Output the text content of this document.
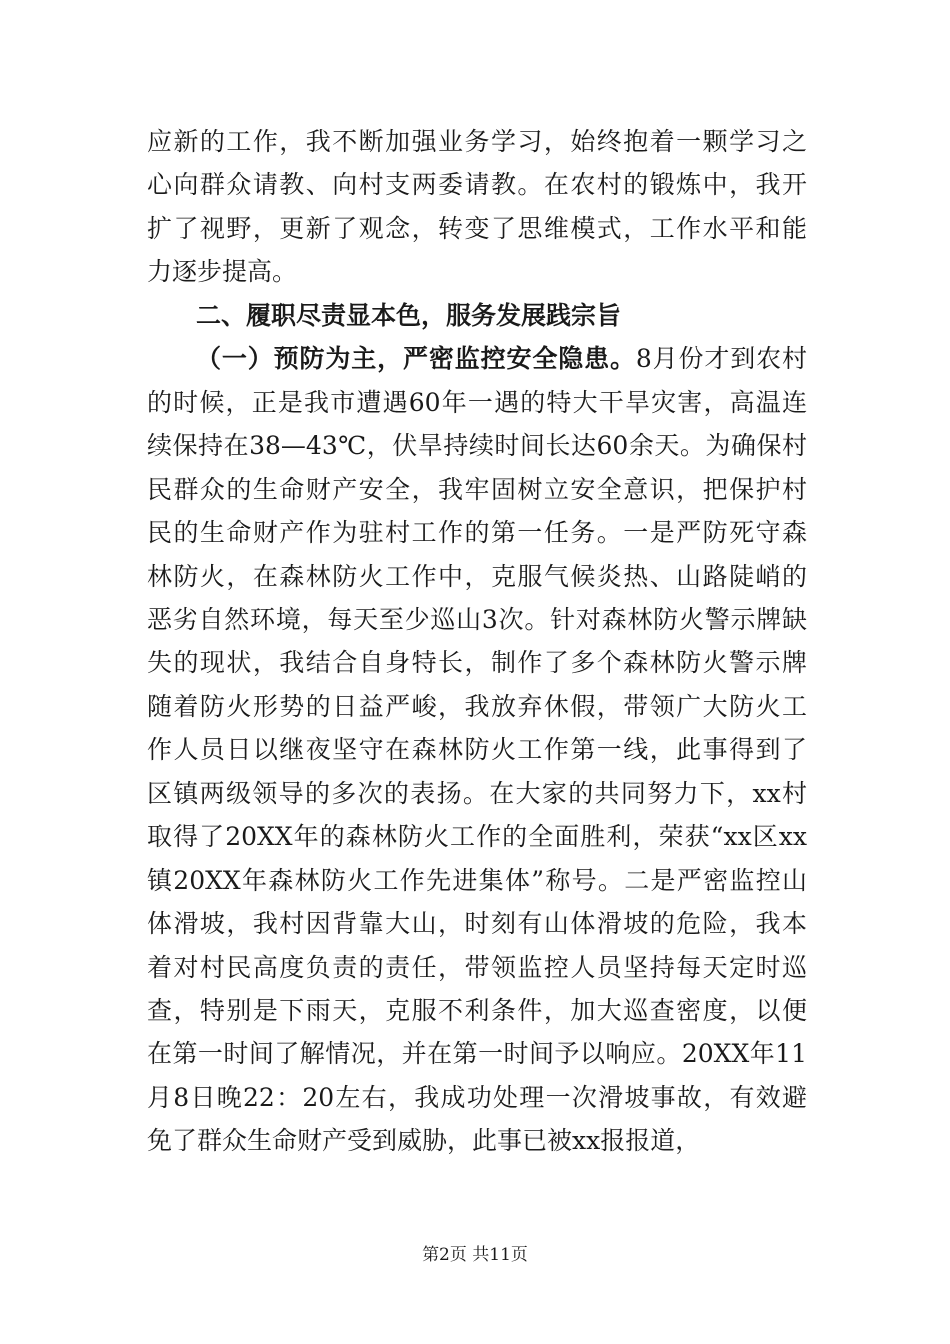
应新的工作，我不断加强业务学习，始终抱着一颗学习之
心向群众请教、向村支两委请教。在农村的锻炼中，我开
扩了视野，更新了观念，转变了思维模式，工作水平和能
力逐步提高。
二、履职尽责显本色，服务发展践宗旨
（一）预防为主，严密监控安全隐患。8月份才到农村
的时候，正是我市遭遇60年一遇的特大干旱灾害，高温连
续保持在38—43℃，伏旱持续时间长达60余天。为确保村
民群众的生命财产安全，我牢固树立安全意识，把保护村
民的生命财产作为驻村工作的第一任务。一是严防死守森
林防火，在森林防火工作中，克服气候炎热、山路陡峭的
恶劣自然环境，每天至少巡山3次。针对森林防火警示牌缺
失的现状，我结合自身特长，制作了多个森林防火警示牌
随着防火形势的日益严峻，我放弃休假，带领广大防火工
作人员日以继夜坚守在森林防火工作第一线，此事得到了
区镇两级领导的多次的表扬。在大家的共同努力下，xx村
取得了20XX年的森林防火工作的全面胜利，荣获“xx区xx
镇20XX年森林防火工作先进集体”称号。二是严密监控山
体滑坡，我村因背靠大山，时刻有山体滑坡的危险，我本
着对村民高度负责的责任，带领监控人员坚持每天定时巡
查，特别是下雨天，克服不利条件，加大巡查密度，以便
在第一时间了解情况，并在第一时间予以响应。20XX年11
月8日晚22：20左右，我成功处理一次滑坡事故，有效避
免了群众生命财产受到威胁，此事已被xx报报道，
第2页 共11页
